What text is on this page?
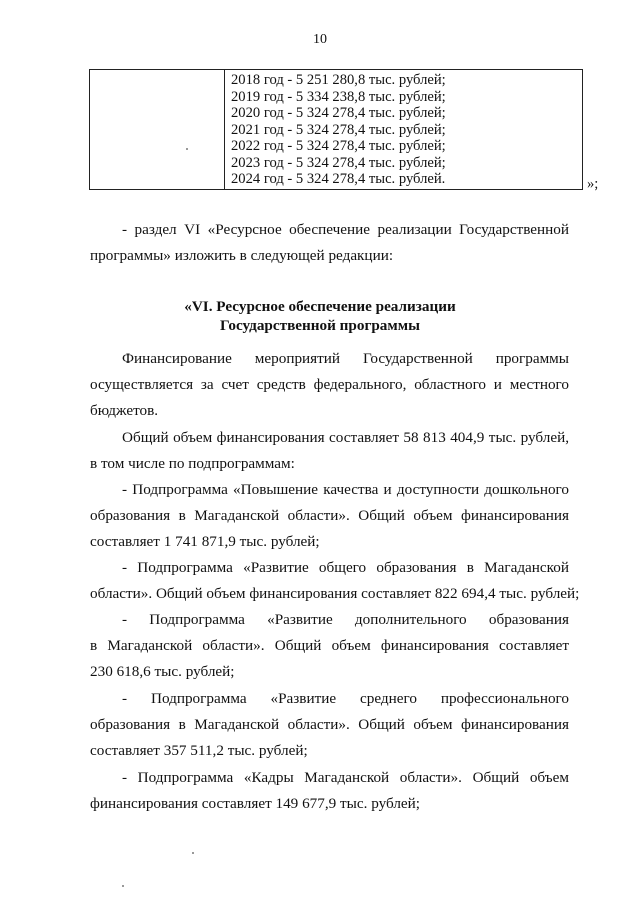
10
2018 год - 5 251 280,8 тыс. рублей;
2019 год - 5 334 238,8 тыс. рублей;
2020 год - 5 324 278,4 тыс. рублей;
2021 год - 5 324 278,4 тыс. рублей;
2022 год - 5 324 278,4 тыс. рублей;
2023 год - 5 324 278,4 тыс. рублей;
2024 год - 5 324 278,4 тыс. рублей.	»;
- раздел VI «Ресурсное обеспечение реализации Государственной
программы» изложить в следующей редакции:
«VI. Ресурсное обеспечение реализации
Государственной программы
Финансирование мероприятий Государственной программы
осуществляется за счет средств федерального, областного и местного
бюджетов.
Общий объем финансирования составляет 58 813 404,9 тыс. рублей,
в том числе по подпрограммам:
- Подпрограмма «Повышение качества и доступности дошкольного
образования в Магаданской области». Общий объем финансирования
составляет 1 741 871,9 тыс. рублей;
- Подпрограмма «Развитие общего образования в Магаданской
области». Общий объем финансирования составляет 822 694,4 тыс. рублей;
- Подпрограмма «Развитие дополнительного образования
в Магаданской области». Общий объем финансирования составляет
230 618,6 тыс. рублей;
- Подпрограмма «Развитие среднего профессионального
образования в Магаданской области». Общий объем финансирования
составляет 357 511,2 тыс. рублей;
- Подпрограмма «Кадры Магаданской области». Общий объем
финансирования составляет 149 677,9 тыс. рублей;
